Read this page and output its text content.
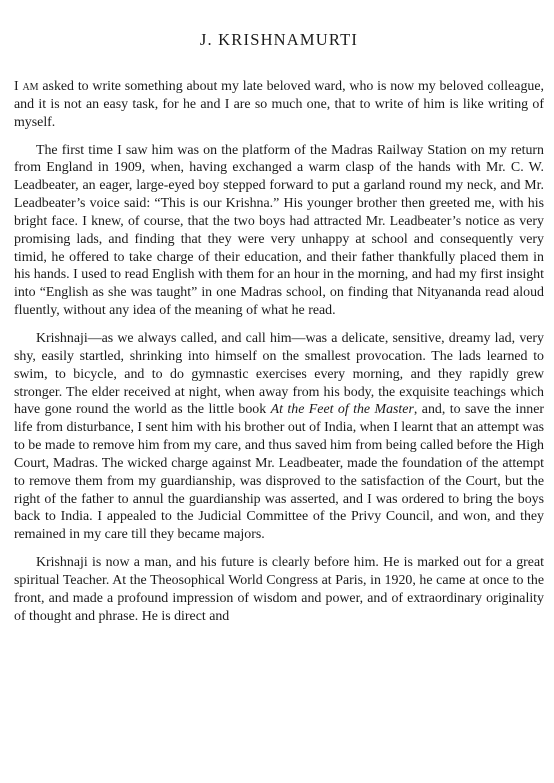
J. KRISHNAMURTI

I am asked to write something about my late beloved ward, who is now my beloved colleague, and it is not an easy task, for he and I are so much one, that to write of him is like writing of myself.

The first time I saw him was on the platform of the Madras Railway Station on my return from England in 1909, when, having exchanged a warm clasp of the hands with Mr. C. W. Leadbeater, an eager, large-eyed boy stepped forward to put a garland round my neck, and Mr. Leadbeater’s voice said: “This is our Krishna.” His younger brother then greeted me, with his bright face. I knew, of course, that the two boys had attracted Mr. Leadbeater’s notice as very promising lads, and finding that they were very unhappy at school and consequently very timid, he offered to take charge of their education, and their father thankfully placed them in his hands. I used to read English with them for an hour in the morning, and had my first insight into “English as she was taught” in one Madras school, on finding that Nityananda read aloud fluently, without any idea of the meaning of what he read.

Krishnaji—as we always called, and call him—was a delicate, sensitive, dreamy lad, very shy, easily startled, shrinking into himself on the smallest provocation. The lads learned to swim, to bicycle, and to do gymnastic exercises every morning, and they rapidly grew stronger. The elder received at night, when away from his body, the exquisite teachings which have gone round the world as the little book At the Feet of the Master, and, to save the inner life from disturbance, I sent him with his brother out of India, when I learnt that an attempt was to be made to remove him from my care, and thus saved him from being called before the High Court, Madras. The wicked charge against Mr. Leadbeater, made the foundation of the attempt to remove them from my guardianship, was disproved to the satisfaction of the Court, but the right of the father to annul the guardianship was asserted, and I was ordered to bring the boys back to India. I appealed to the Judicial Committee of the Privy Council, and won, and they remained in my care till they became majors.

Krishnaji is now a man, and his future is clearly before him. He is marked out for a great spiritual Teacher. At the Theosophical World Congress at Paris, in 1920, he came at once to the front, and made a profound impression of wisdom and power, and of extraordinary originality of thought and phrase. He is direct and
